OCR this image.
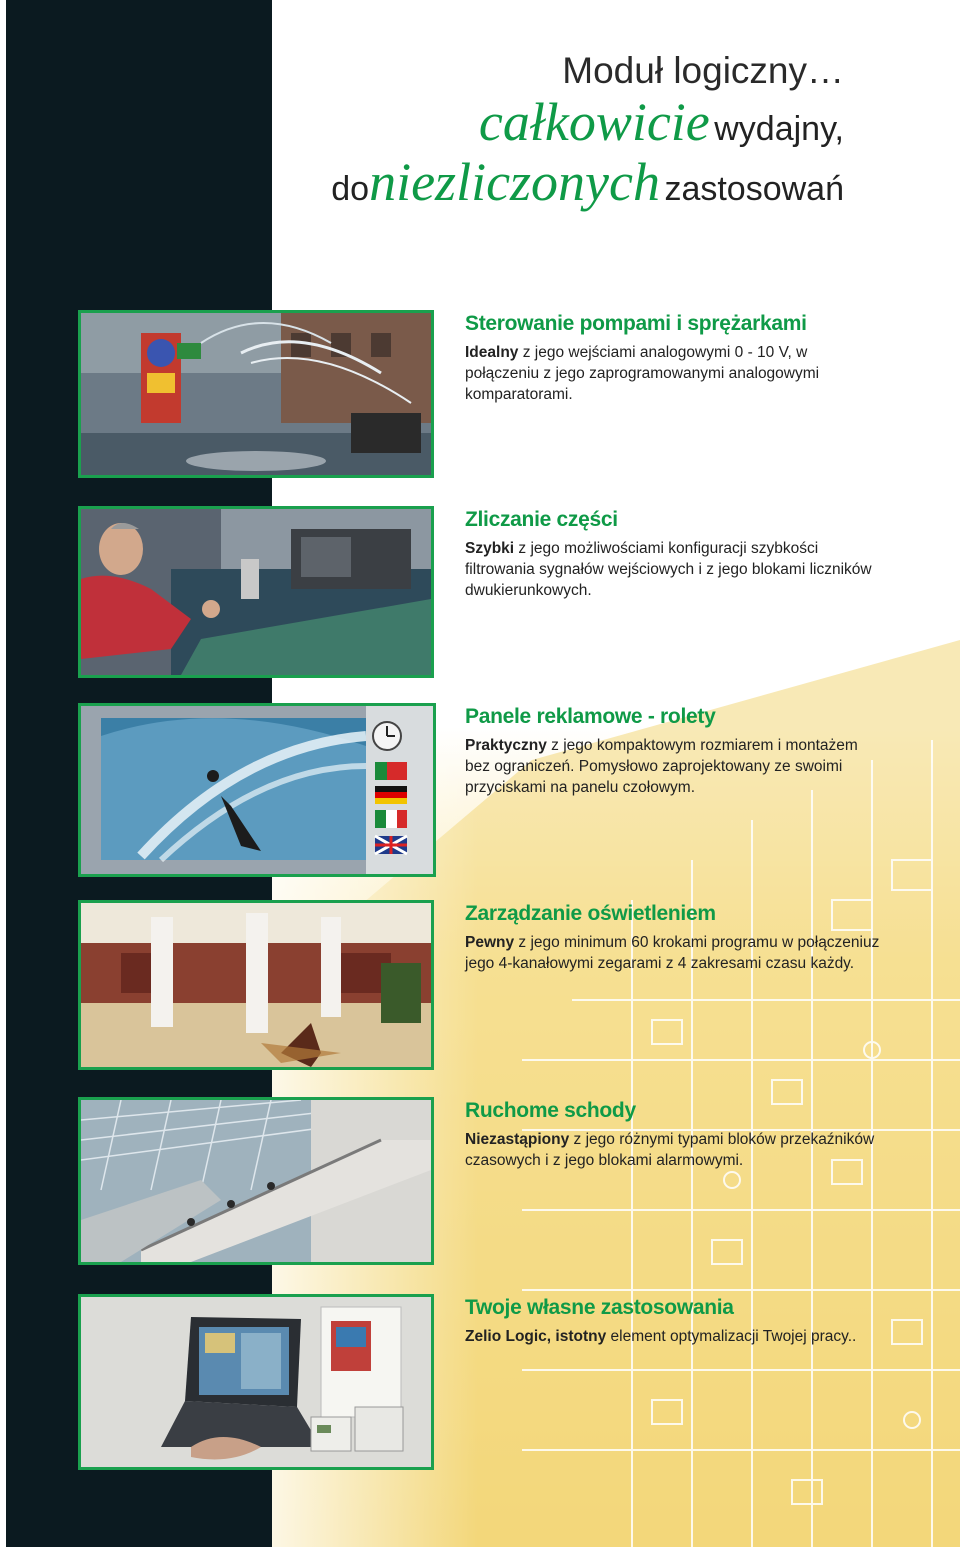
Moduł logiczny…
całkowicie wydajny,
doniezliczonych zastosowań

Sterowanie pompami i sprężarkami

Idealny z jego wejściami analogowymi 0 - 10 V, w połączeniu z jego zaprogramowanymi analogowymi komparatorami.

Zliczanie części

Szybki z jego możliwościami konfiguracji szybkości filtrowania sygnałów wejściowych i z jego blokami liczników dwukierunkowych.

Panele reklamowe - rolety

Praktyczny z jego kompaktowym rozmiarem i montażem bez ograniczeń. Pomysłowo zaprojektowany ze swoimi przyciskami na panelu czołowym.

Zarządzanie oświetleniem

Pewny z jego minimum 60 krokami programu w połączeniuz jego 4-kanałowymi zegarami z 4 zakresami czasu każdy.

Ruchome schody

Niezastąpiony z jego różnymi typami bloków przekaźników czasowych i z jego blokami alarmowymi.

Twoje własne zastosowania

Zelio Logic, istotny element optymalizacji Twojej pracy..
